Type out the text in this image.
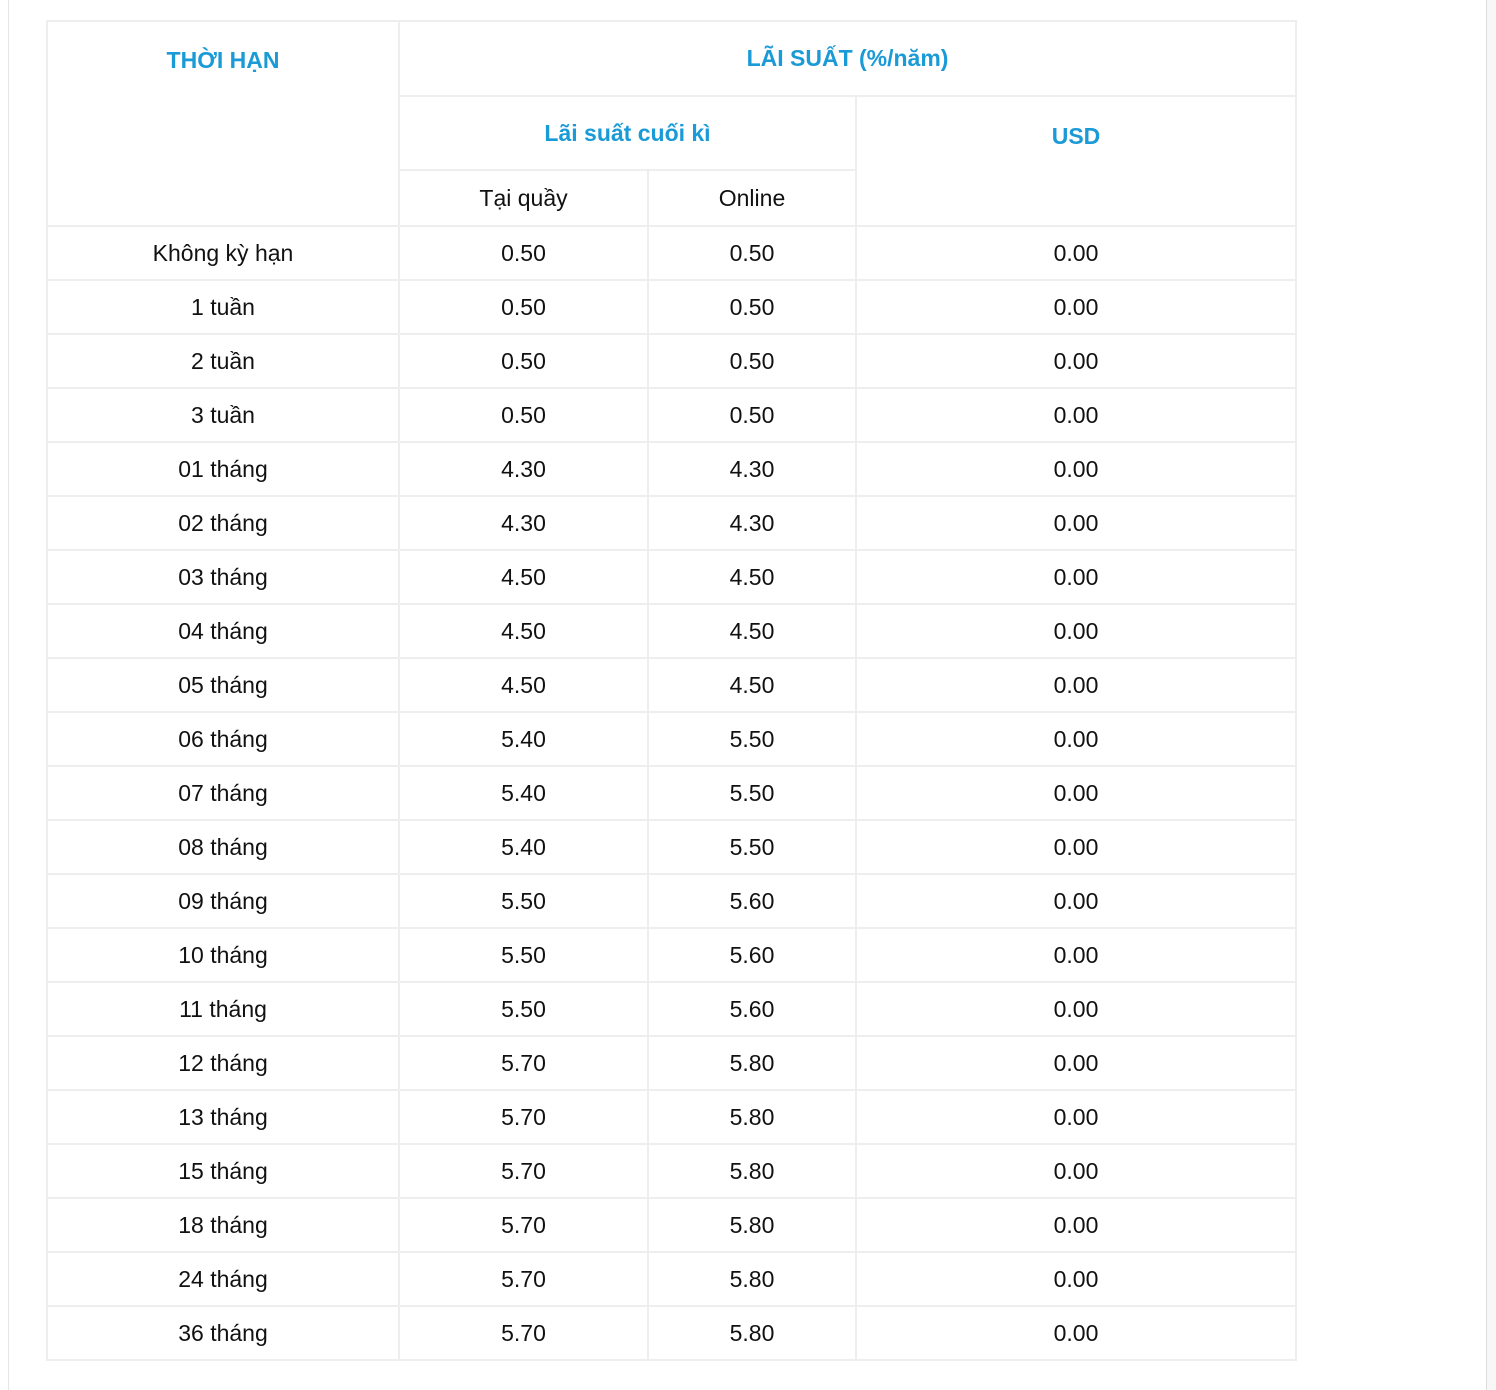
THỜI HẠN	LÃI SUẤT (%/năm)		
	Lãi suất cuối kì		USD
	Tại quầy	Online	
Không kỳ hạn	0.50	0.50	0.00
1 tuần	0.50	0.50	0.00
2 tuần	0.50	0.50	0.00
3 tuần	0.50	0.50	0.00
01 tháng	4.30	4.30	0.00
02 tháng	4.30	4.30	0.00
03 tháng	4.50	4.50	0.00
04 tháng	4.50	4.50	0.00
05 tháng	4.50	4.50	0.00
06 tháng	5.40	5.50	0.00
07 tháng	5.40	5.50	0.00
08 tháng	5.40	5.50	0.00
09 tháng	5.50	5.60	0.00
10 tháng	5.50	5.60	0.00
11 tháng	5.50	5.60	0.00
12 tháng	5.70	5.80	0.00
13 tháng	5.70	5.80	0.00
15 tháng	5.70	5.80	0.00
18 tháng	5.70	5.80	0.00
24 tháng	5.70	5.80	0.00
36 tháng	5.70	5.80	0.00
